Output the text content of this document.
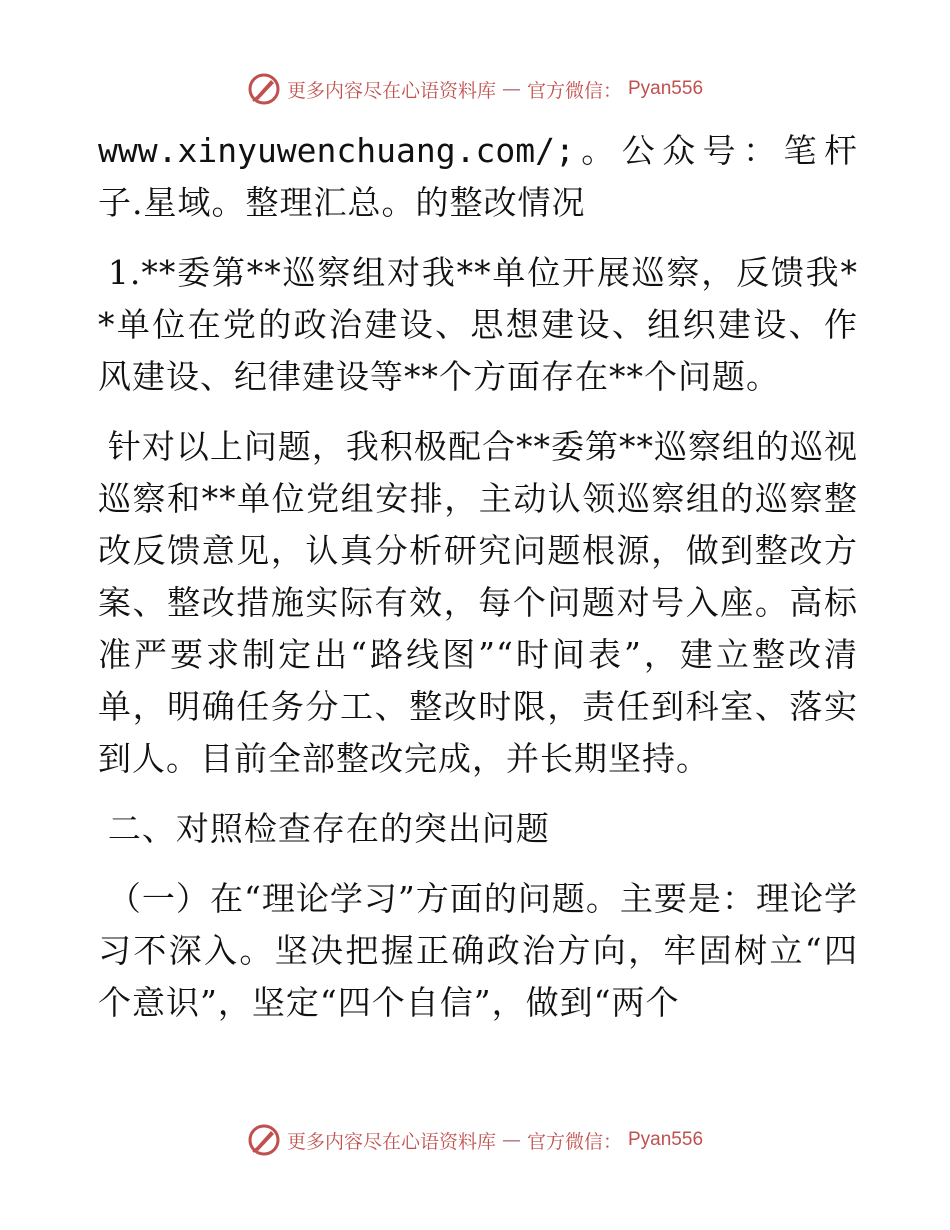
更多内容尽在心语资料库 — 官方微信： Pyan556

www.xinyuwenchuang.com/;。公众号：笔杆子.星域。整理汇总。的整改情况

1.**委第**巡察组对我**单位开展巡察，反馈我**单位在党的政治建设、思想建设、组织建设、作风建设、纪律建设等**个方面存在**个问题。

针对以上问题，我积极配合**委第**巡察组的巡视巡察和**单位党组安排，主动认领巡察组的巡察整改反馈意见，认真分析研究问题根源，做到整改方案、整改措施实际有效，每个问题对号入座。高标准严要求制定出“路线图”“时间表”，建立整改清单，明确任务分工、整改时限，责任到科室、落实到人。目前全部整改完成，并长期坚持。

二、对照检查存在的突出问题

（一）在“理论学习”方面的问题。主要是：理论学习不深入。坚决把握正确政治方向，牢固树立“四个意识”，坚定“四个自信”，做到“两个

更多内容尽在心语资料库 — 官方微信： Pyan556
